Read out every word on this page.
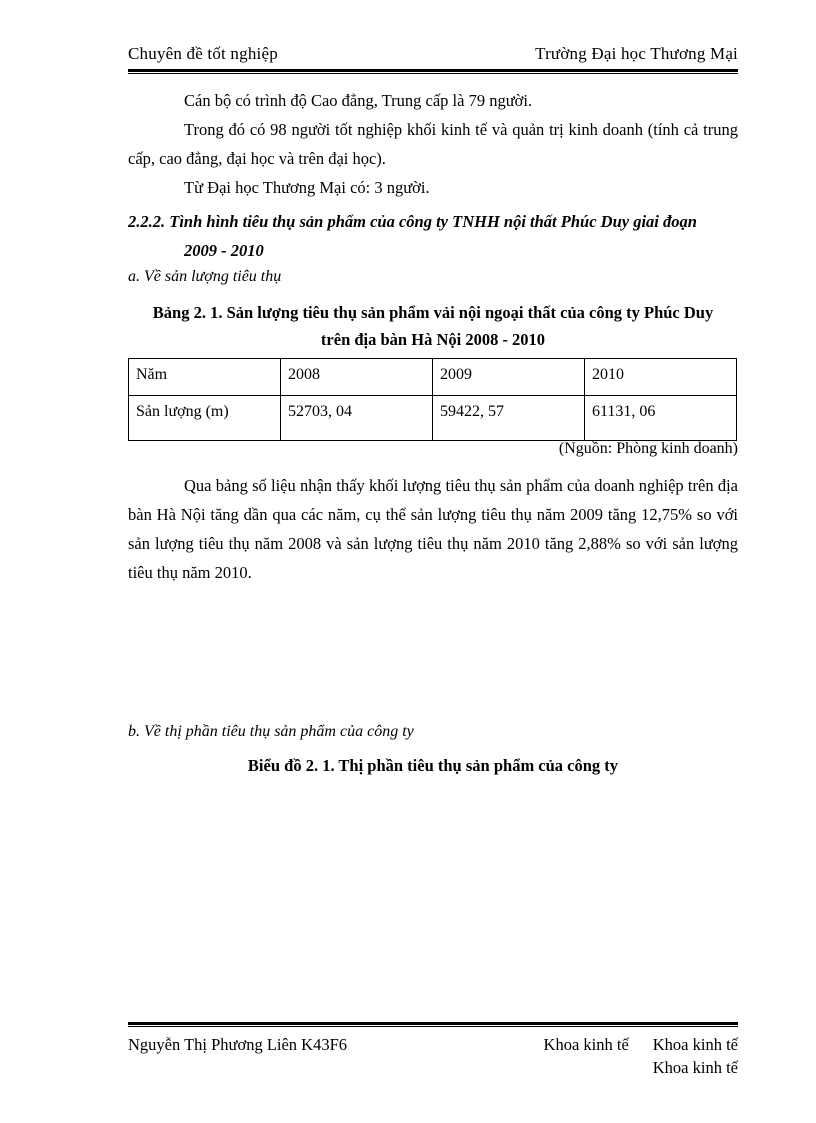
Chuyên đề tốt nghiệp	Trường Đại học Thương Mại

Cán bộ có trình độ Cao đẳng, Trung cấp là 79 người.

Trong đó có 98 người tốt nghiệp khối kinh tế và quản trị kinh doanh (tính cả trung cấp, cao đẳng, đại học và trên đại học).

Từ Đại học Thương Mại có: 3 người.

2.2.2. Tình hình tiêu thụ sản phẩm của công ty TNHH nội thất Phúc Duy giai đoạn
2009 - 2010

a. Về sản lượng tiêu thụ

Bảng 2. 1. Sản lượng tiêu thụ sản phẩm vải nội ngoại thất của công ty Phúc Duy
trên địa bàn Hà Nội 2008 - 2010

Năm	2008	2009	2010
Sản lượng (m)	52703, 04	59422, 57	61131, 06

(Nguồn: Phòng kinh doanh)

Qua bảng số liệu nhận thấy khối lượng tiêu thụ sản phẩm của doanh nghiệp trên địa bàn Hà Nội tăng dần qua các năm, cụ thể sản lượng tiêu thụ năm 2009 tăng 12,75% so với sản lượng tiêu thụ năm 2008 và sản lượng tiêu thụ năm 2010 tăng 2,88% so với sản lượng tiêu thụ năm 2010.

b. Về thị phần tiêu thụ sản phẩm của công ty

Biểu đồ 2. 1. Thị phần tiêu thụ sản phẩm của công ty

Nguyễn Thị Phương Liên K43F6	Khoa kinh tế Khoa kinh tế
Khoa kinh tế
